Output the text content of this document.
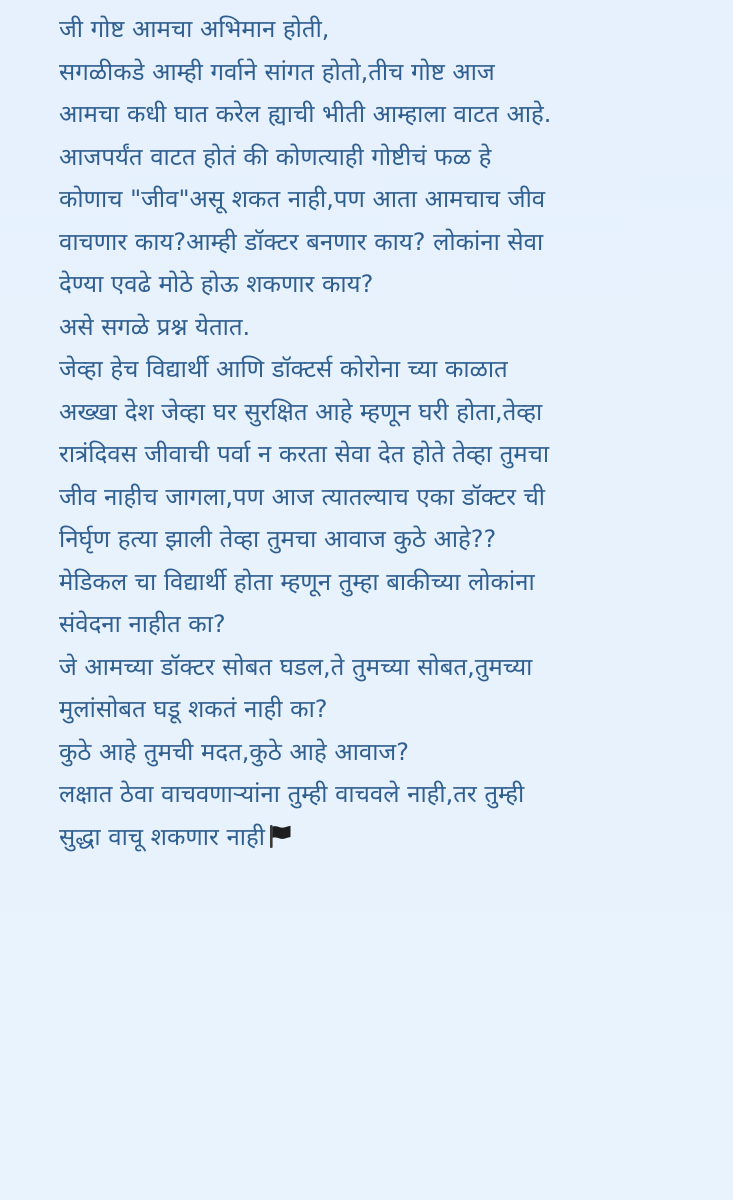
जी गोष्ट आमचा अभिमान होती,
सगळीकडे आम्ही गर्वाने सांगत होतो,तीच गोष्ट आज
आमचा कधी घात करेल ह्याची भीती आम्हाला वाटत आहे.
आजपर्यंत वाटत होतं की कोणत्याही गोष्टीचं फळ हे
कोणाच "जीव"असू शकत नाही,पण आता आमचाच जीव
वाचणार काय?आम्ही डॉक्टर बनणार काय? लोकांना सेवा
देण्या एवढे मोठे होऊ शकणार काय?
असे सगळे प्रश्न येतात.
जेव्हा हेच विद्यार्थी आणि डॉक्टर्स कोरोना च्या काळात
अख्खा देश जेव्हा घर सुरक्षित आहे म्हणून घरी होता,तेव्हा
रात्रंदिवस जीवाची पर्वा न करता सेवा देत होते तेव्हा तुमचा
जीव नाहीच जागला,पण आज त्यातल्याच एका डॉक्टर ची
निर्घृण हत्या झाली तेव्हा तुमचा आवाज कुठे आहे??
मेडिकल चा विद्यार्थी होता म्हणून तुम्हा बाकीच्या लोकांना
संवेदना नाहीत का?
जे आमच्या डॉक्टर सोबत घडल,ते तुमच्या सोबत,तुमच्या
मुलांसोबत घडू शकतं नाही का?
कुठे आहे तुमची मदत,कुठे आहे आवाज?
लक्षात ठेवा वाचवणाऱ्यांना तुम्ही वाचवले नाही,तर तुम्ही
सुद्धा वाचू शकणार नाही
